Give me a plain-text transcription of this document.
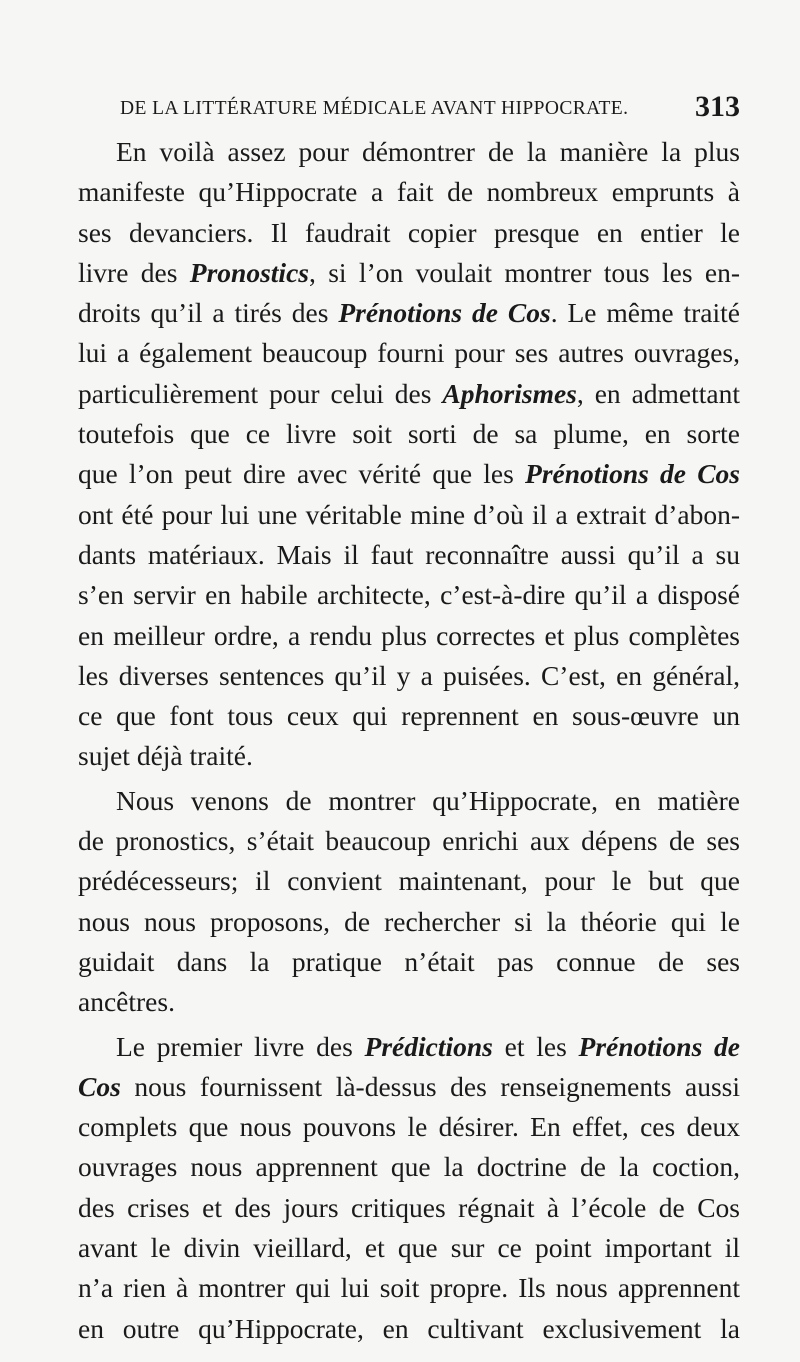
DE LA LITTÉRATURE MÉDICALE AVANT HIPPOCRATE. 313
En voilà assez pour démontrer de la manière la plus
manifeste qu’Hippocrate a fait de nombreux emprunts à
ses devanciers. Il faudrait copier presque en entier le
livre des Pronostics, si l’on voulait montrer tous les en-
droits qu’il a tirés des Prénotions de Cos. Le même traité
lui a également beaucoup fourni pour ses autres ouvrages,
particulièrement pour celui des Aphorismes, en admettant
toutefois que ce livre soit sorti de sa plume, en sorte
que l’on peut dire avec vérité que les Prénotions de Cos
ont été pour lui une véritable mine d’où il a extrait d’abon-
dants matériaux. Mais il faut reconnaître aussi qu’il a su
s’en servir en habile architecte, c’est-à-dire qu’il a disposé
en meilleur ordre, a rendu plus correctes et plus complètes
les diverses sentences qu’il y a puisées. C’est, en général,
ce que font tous ceux qui reprennent en sous-œuvre un
sujet déjà traité.
Nous venons de montrer qu’Hippocrate, en matière
de pronostics, s’était beaucoup enrichi aux dépens de ses
prédécesseurs; il convient maintenant, pour le but que
nous nous proposons, de rechercher si la théorie qui le
guidait dans la pratique n’était pas connue de ses
ancêtres.
Le premier livre des Prédictions et les Prénotions de
Cos nous fournissent là-dessus des renseignements aussi
complets que nous pouvons le désirer. En effet, ces deux
ouvrages nous apprennent que la doctrine de la coction,
des crises et des jours critiques régnait à l’école de Cos
avant le divin vieillard, et que sur ce point important il
n’a rien à montrer qui lui soit propre. Ils nous apprennent
en outre qu’Hippocrate, en cultivant exclusivement la
